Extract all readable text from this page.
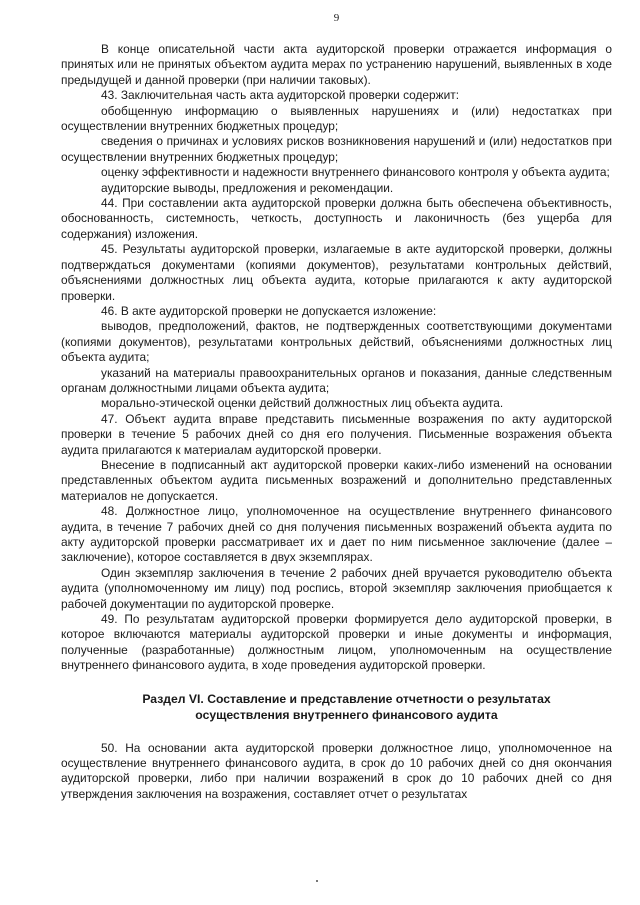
9

В конце описательной части акта аудиторской проверки отражается информация о принятых или не принятых объектом аудита мерах по устранению нарушений, выявленных в ходе предыдущей и данной проверки (при наличии таковых).

43. Заключительная часть акта аудиторской проверки содержит:

обобщенную информацию о выявленных нарушениях и (или) недостатках при осуществлении внутренних бюджетных процедур;

сведения о причинах и условиях рисков возникновения нарушений и (или) недостатков при осуществлении внутренних бюджетных процедур;

оценку эффективности и надежности внутреннего финансового контроля у объекта аудита;

аудиторские выводы, предложения и рекомендации.

44. При составлении акта аудиторской проверки должна быть обеспечена объективность, обоснованность, системность, четкость, доступность и лаконичность (без ущерба для содержания) изложения.

45. Результаты аудиторской проверки, излагаемые в акте аудиторской проверки, должны подтверждаться документами (копиями документов), результатами контрольных действий, объяснениями должностных лиц объекта аудита, которые прилагаются к акту аудиторской проверки.

46. В акте аудиторской проверки не допускается изложение:

выводов, предположений, фактов, не подтвержденных соответствующими документами (копиями документов), результатами контрольных действий, объяснениями должностных лиц объекта аудита;

указаний на материалы правоохранительных органов и показания, данные следственным органам должностными лицами объекта аудита;

морально-этической оценки действий должностных лиц объекта аудита.

47. Объект аудита вправе представить письменные возражения по акту аудиторской проверки в течение 5 рабочих дней со дня его получения. Письменные возражения объекта аудита прилагаются к материалам аудиторской проверки.

Внесение в подписанный акт аудиторской проверки каких-либо изменений на основании представленных объектом аудита письменных возражений и дополнительно представленных материалов не допускается.

48. Должностное лицо, уполномоченное на осуществление внутреннего финансового аудита, в течение 7 рабочих дней со дня получения письменных возражений объекта аудита по акту аудиторской проверки рассматривает их и дает по ним письменное заключение (далее – заключение), которое составляется в двух экземплярах.

Один экземпляр заключения в течение 2 рабочих дней вручается руководителю объекта аудита (уполномоченному им лицу) под роспись, второй экземпляр заключения приобщается к рабочей документации по аудиторской проверке.

49. По результатам аудиторской проверки формируется дело аудиторской проверки, в которое включаются материалы аудиторской проверки и иные документы и информация, полученные (разработанные) должностным лицом, уполномоченным на осуществление внутреннего финансового аудита, в ходе проведения аудиторской проверки.

Раздел VI. Составление и представление отчетности о результатах
осуществления внутреннего финансового аудита

50. На основании акта аудиторской проверки должностное лицо, уполномоченное на осуществление внутреннего финансового аудита, в срок до 10 рабочих дней со дня окончания аудиторской проверки, либо при наличии возражений в срок до 10 рабочих дней со дня утверждения заключения на возражения, составляет отчет о результатах
